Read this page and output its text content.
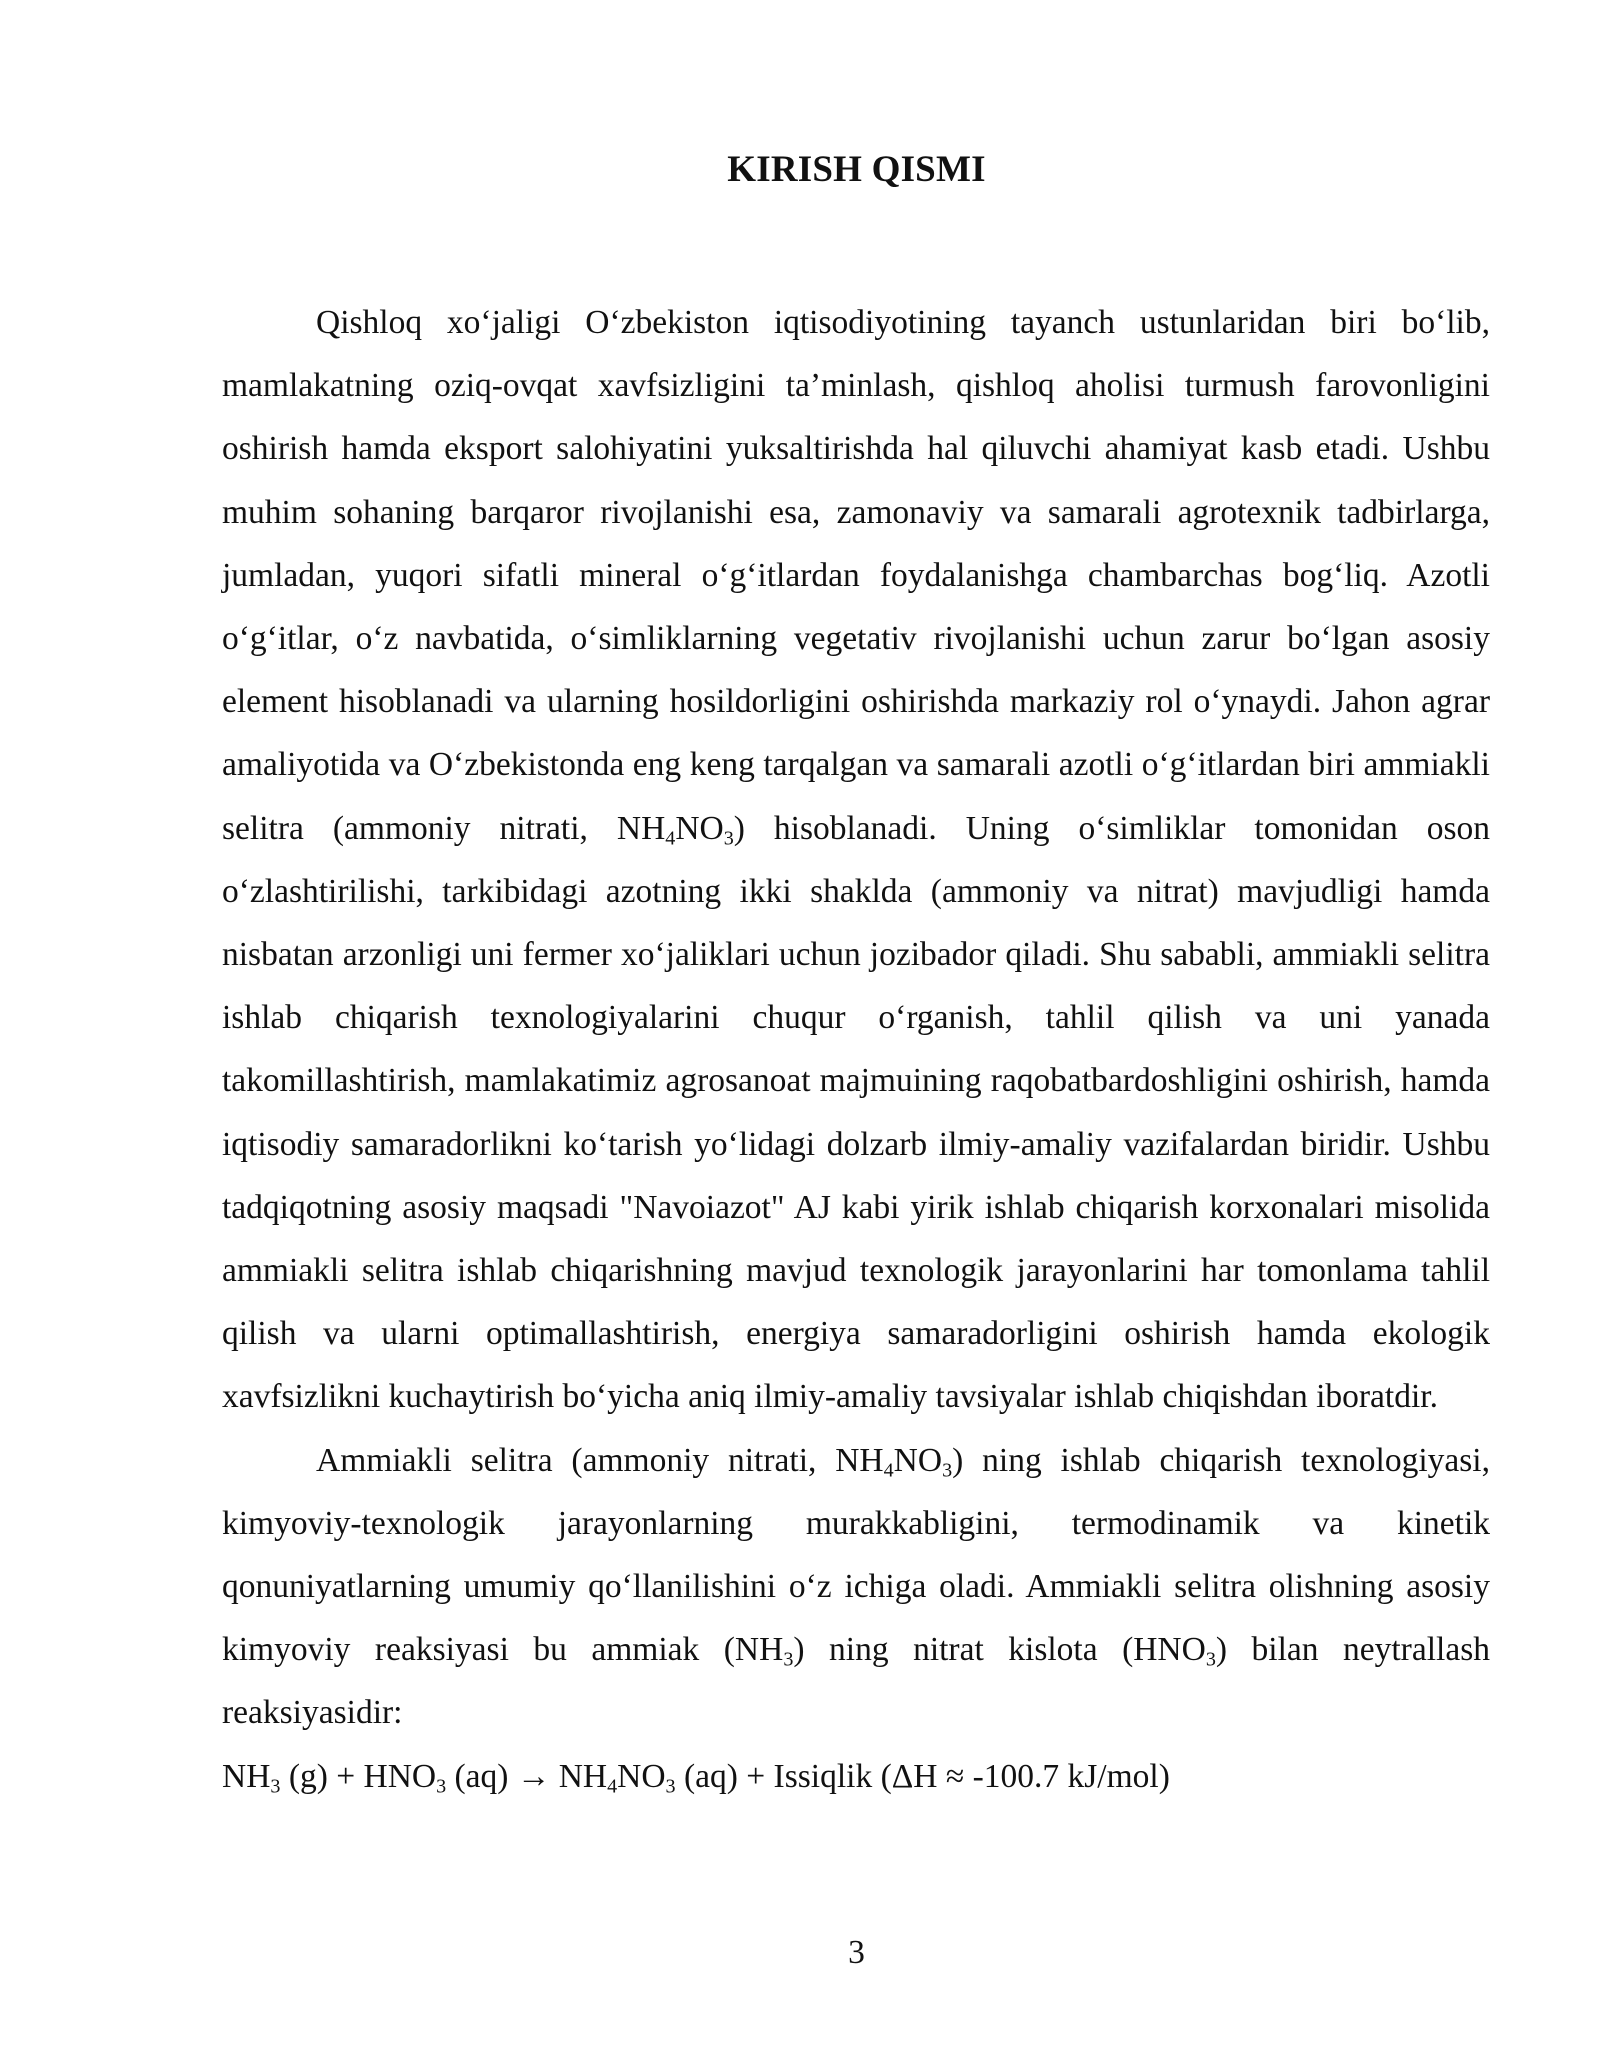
KIRISH QISMI

Qishloq xo‘jaligi O‘zbekiston iqtisodiyotining tayanch ustunlaridan biri bo‘lib, mamlakatning oziq-ovqat xavfsizligini ta’minlash, qishloq aholisi turmush farovonligini oshirish hamda eksport salohiyatini yuksaltirishda hal qiluvchi ahamiyat kasb etadi. Ushbu muhim sohaning barqaror rivojlanishi esa, zamonaviy va samarali agrotexnik tadbirlarga, jumladan, yuqori sifatli mineral o‘g‘itlardan foydalanishga chambarchas bog‘liq. Azotli o‘g‘itlar, o‘z navbatida, o‘simliklarning vegetativ rivojlanishi uchun zarur bo‘lgan asosiy element hisoblanadi va ularning hosildorligini oshirishda markaziy rol o‘ynaydi. Jahon agrar amaliyotida va O‘zbekistonda eng keng tarqalgan va samarali azotli o‘g‘itlardan biri ammiakli selitra (ammoniy nitrati, $NH_4NO_3$) hisoblanadi. Uning o‘simliklar tomonidan oson o‘zlashtirilishi, tarkibidagi azotning ikki shaklda (ammoniy va nitrat) mavjudligi hamda nisbatan arzonligi uni fermer xo‘jaliklari uchun jozibador qiladi. Shu sababli, ammiakli selitra ishlab chiqarish texnologiyalarini chuqur o‘rganish, tahlil qilish va uni yanada takomillashtirish, mamlakatimiz agrosanoat majmuining raqobatbardoshligini oshirish, hamda iqtisodiy samaradorlikni ko‘tarish yo‘lidagi dolzarb ilmiy-amaliy vazifalardan biridir. Ushbu tadqiqotning asosiy maqsadi "Navoiazot" AJ kabi yirik ishlab chiqarish korxonalari misolida ammiakli selitra ishlab chiqarishning mavjud texnologik jarayonlarini har tomonlama tahlil qilish va ularni optimallashtirish, energiya samaradorligini oshirish hamda ekologik xavfsizlikni kuchaytirish bo‘yicha aniq ilmiy-amaliy tavsiyalar ishlab chiqishdan iboratdir.

Ammiakli selitra (ammoniy nitrati, $NH_4NO_3$) ning ishlab chiqarish texnologiyasi, kimyoviy-texnologik jarayonlarning murakkabligini, termodinamik va kinetik qonuniyatlarning umumiy qo‘llanilishini o‘z ichiga oladi. Ammiakli selitra olishning asosiy kimyoviy reaksiyasi bu ammiak $(NH_3)$ ning nitrat kislota $(HNO_3)$ bilan neytrallash reaksiyasidir:

$NH_3$ $(g) + HNO_3$ $(aq) \to NH_4NO_3$ (aq) + Issiqlik (ΔH ≈ -100.7 kJ/mol)

3
